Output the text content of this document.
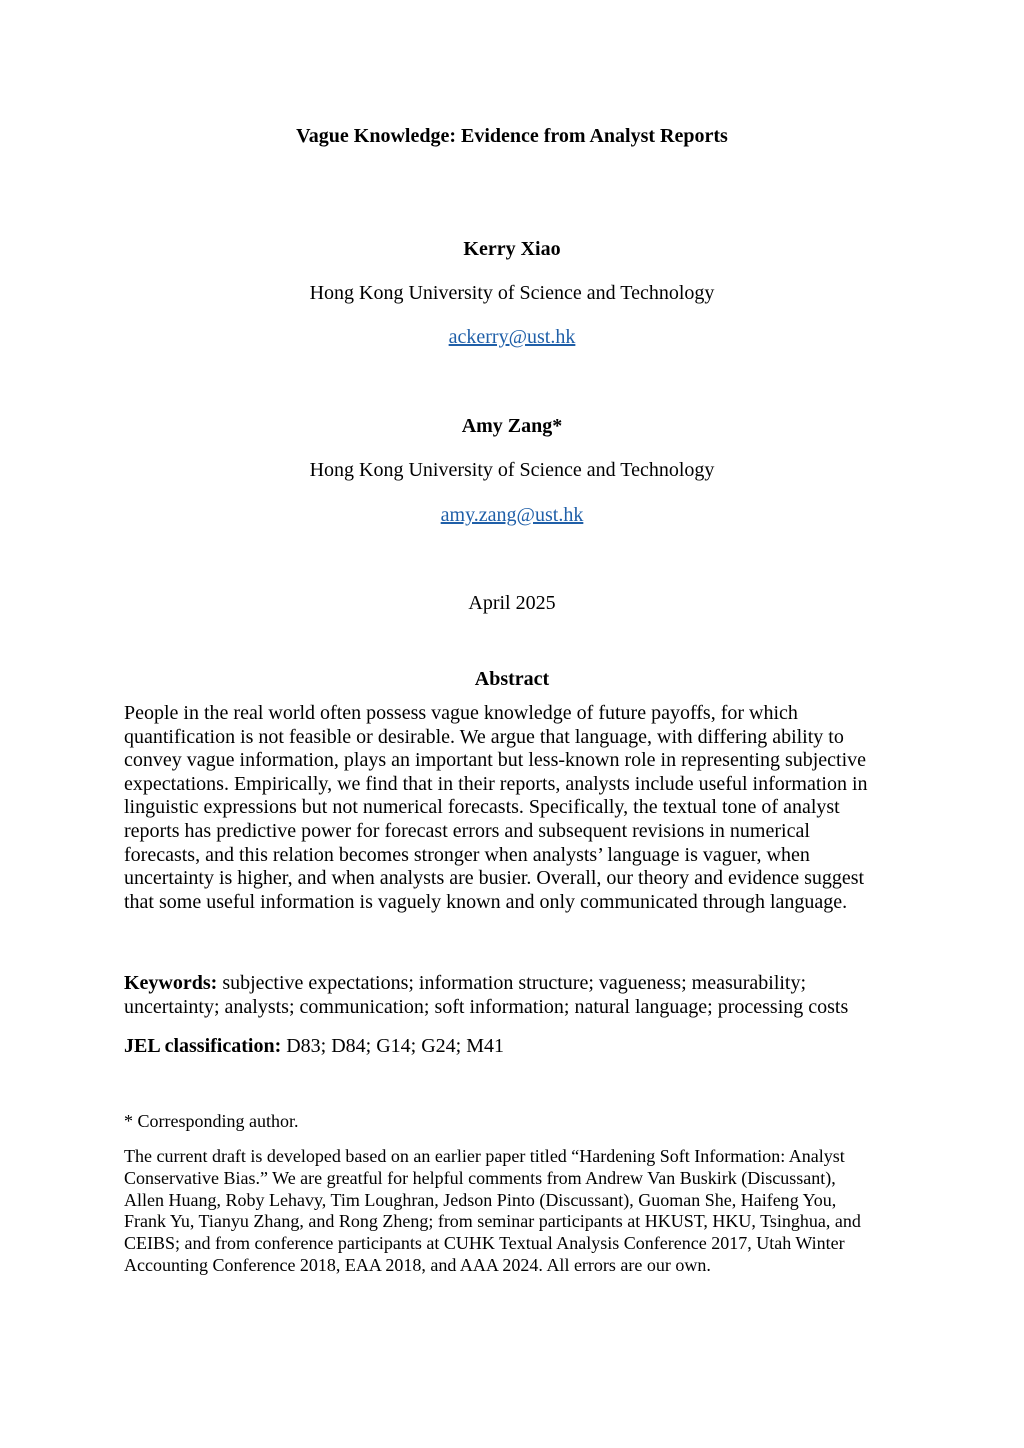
Vague Knowledge: Evidence from Analyst Reports
Kerry Xiao
Hong Kong University of Science and Technology
ackerry@ust.hk
Amy Zang*
Hong Kong University of Science and Technology
amy.zang@ust.hk
April 2025
Abstract
People in the real world often possess vague knowledge of future payoffs, for which
quantification is not feasible or desirable. We argue that language, with differing ability to
convey vague information, plays an important but less-known role in representing subjective
expectations. Empirically, we find that in their reports, analysts include useful information in
linguistic expressions but not numerical forecasts. Specifically, the textual tone of analyst
reports has predictive power for forecast errors and subsequent revisions in numerical
forecasts, and this relation becomes stronger when analysts’ language is vaguer, when
uncertainty is higher, and when analysts are busier. Overall, our theory and evidence suggest
that some useful information is vaguely known and only communicated through language.
Keywords: subjective expectations; information structure; vagueness; measurability;
uncertainty; analysts; communication; soft information; natural language; processing costs
JEL classification: D83; D84; G14; G24; M41
* Corresponding author.
The current draft is developed based on an earlier paper titled “Hardening Soft Information: Analyst
Conservative Bias.” We are greatful for helpful comments from Andrew Van Buskirk (Discussant),
Allen Huang, Roby Lehavy, Tim Loughran, Jedson Pinto (Discussant), Guoman She, Haifeng You,
Frank Yu, Tianyu Zhang, and Rong Zheng; from seminar participants at HKUST, HKU, Tsinghua, and
CEIBS; and from conference participants at CUHK Textual Analysis Conference 2017, Utah Winter
Accounting Conference 2018, EAA 2018, and AAA 2024. All errors are our own.
